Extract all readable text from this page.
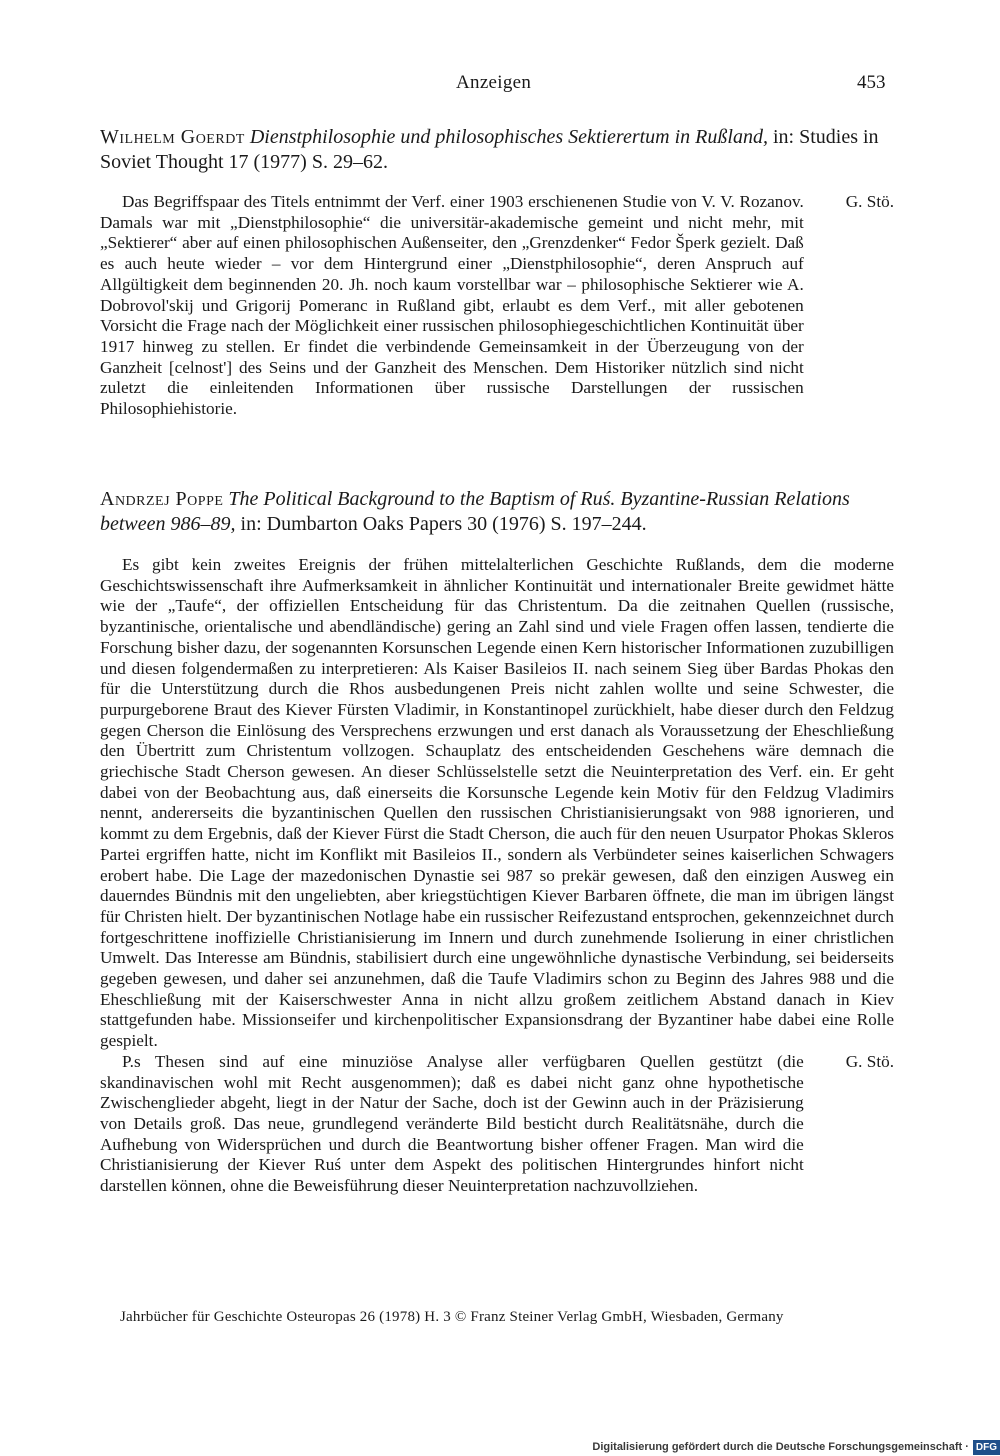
Anzeigen	453

Wilhelm Goerdt Dienstphilosophie und philosophisches Sektierertum in Rußland, in: Studies in Soviet Thought 17 (1977) S. 29–62.

Das Begriffspaar des Titels entnimmt der Verf. einer 1903 erschienenen Studie von V. V. Rozanov. Damals war mit „Dienstphilosophie“ die universitär-akademische gemeint und nicht mehr, mit „Sektierer“ aber auf einen philosophischen Außenseiter, den „Grenzdenker“ Fedor Šperk gezielt. Daß es auch heute wieder – vor dem Hintergrund einer „Dienstphilosophie“, deren Anspruch auf Allgültigkeit dem beginnenden 20. Jh. noch kaum vorstellbar war – philosophische Sektierer wie A. Dobrovol'skij und Grigorij Pomeranc in Rußland gibt, erlaubt es dem Verf., mit aller gebotenen Vorsicht die Frage nach der Möglichkeit einer russischen philosophiegeschichtlichen Kontinuität über 1917 hinweg zu stellen. Er findet die verbindende Gemeinsamkeit in der Überzeugung von der Ganzheit [celnost'] des Seins und der Ganzheit des Menschen. Dem Historiker nützlich sind nicht zuletzt die einleitenden Informationen über russische Darstellungen der russischen Philosophiehistorie.
G. Stö.

Andrzej Poppe The Political Background to the Baptism of Ruś. Byzantine-Russian Relations between 986–89, in: Dumbarton Oaks Papers 30 (1976) S. 197–244.

Es gibt kein zweites Ereignis der frühen mittelalterlichen Geschichte Rußlands, dem die moderne Geschichtswissenschaft ihre Aufmerksamkeit in ähnlicher Kontinuität und internationaler Breite gewidmet hätte wie der „Taufe“, der offiziellen Entscheidung für das Christentum. Da die zeitnahen Quellen (russische, byzantinische, orientalische und abendländische) gering an Zahl sind und viele Fragen offen lassen, tendierte die Forschung bisher dazu, der sogenannten Korsunschen Legende einen Kern historischer Informationen zuzubilligen und diesen folgendermaßen zu interpretieren: Als Kaiser Basileios II. nach seinem Sieg über Bardas Phokas den für die Unterstützung durch die Rhos ausbedungenen Preis nicht zahlen wollte und seine Schwester, die purpurgeborene Braut des Kiever Fürsten Vladimir, in Konstantinopel zurückhielt, habe dieser durch den Feldzug gegen Cherson die Einlösung des Versprechens erzwungen und erst danach als Voraussetzung der Eheschließung den Übertritt zum Christentum vollzogen. Schauplatz des entscheidenden Geschehens wäre demnach die griechische Stadt Cherson gewesen. An dieser Schlüsselstelle setzt die Neuinterpretation des Verf. ein. Er geht dabei von der Beobachtung aus, daß einerseits die Korsunsche Legende kein Motiv für den Feldzug Vladimirs nennt, andererseits die byzantinischen Quellen den russischen Christianisierungsakt von 988 ignorieren, und kommt zu dem Ergebnis, daß der Kiever Fürst die Stadt Cherson, die auch für den neuen Usurpator Phokas Skleros Partei ergriffen hatte, nicht im Konflikt mit Basileios II., sondern als Verbündeter seines kaiserlichen Schwagers erobert habe. Die Lage der mazedonischen Dynastie sei 987 so prekär gewesen, daß den einzigen Ausweg ein dauerndes Bündnis mit den ungeliebten, aber kriegstüchtigen Kiever Barbaren öffnete, die man im übrigen längst für Christen hielt. Der byzantinischen Notlage habe ein russischer Reifezustand entsprochen, gekennzeichnet durch fortgeschrittene inoffizielle Christianisierung im Innern und durch zunehmende Isolierung in einer christlichen Umwelt. Das Interesse am Bündnis, stabilisiert durch eine ungewöhnliche dynastische Verbindung, sei beiderseits gegeben gewesen, und daher sei anzunehmen, daß die Taufe Vladimirs schon zu Beginn des Jahres 988 und die Eheschließung mit der Kaiserschwester Anna in nicht allzu großem zeitlichem Abstand danach in Kiev stattgefunden habe. Missionseifer und kirchenpolitischer Expansionsdrang der Byzantiner habe dabei eine Rolle gespielt.

P.s Thesen sind auf eine minuziöse Analyse aller verfügbaren Quellen gestützt (die skandinavischen wohl mit Recht ausgenommen); daß es dabei nicht ganz ohne hypothetische Zwischenglieder abgeht, liegt in der Natur der Sache, doch ist der Gewinn auch in der Präzisierung von Details groß. Das neue, grundlegend veränderte Bild besticht durch Realitätsnähe, durch die Aufhebung von Widersprüchen und durch die Beantwortung bisher offener Fragen. Man wird die Christianisierung der Kiever Ruś unter dem Aspekt des politischen Hintergrundes hinfort nicht darstellen können, ohne die Beweisführung dieser Neuinterpretation nachzuvollziehen.
G. Stö.
Jahrbücher für Geschichte Osteuropas 26 (1978) H. 3 © Franz Steiner Verlag GmbH, Wiesbaden, Germany
Digitalisierung gefördert durch die Deutsche Forschungsgemeinschaft · DFG
